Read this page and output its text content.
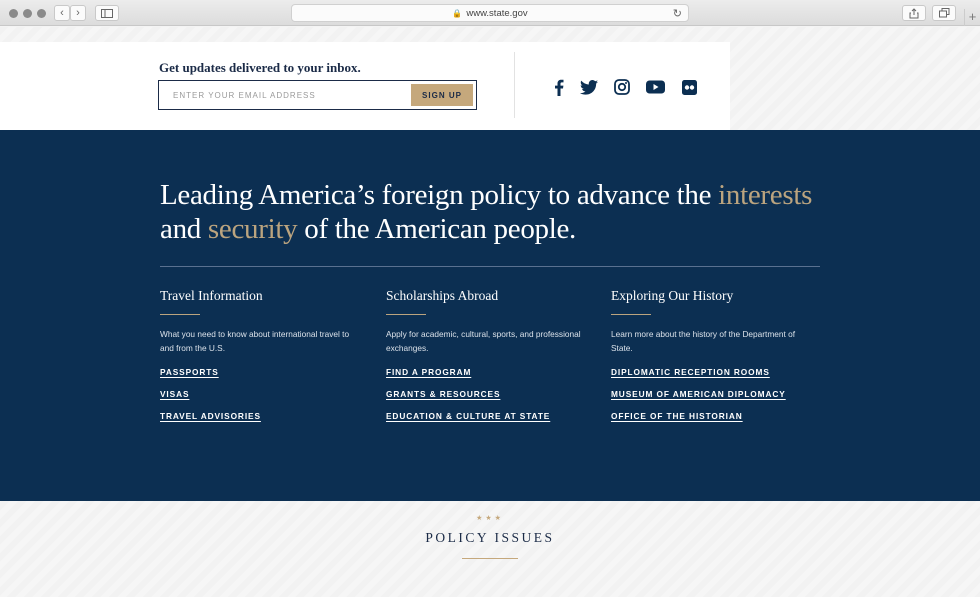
‹ ›	🔒 www.state.gov	↻	+
Get updates delivered to your inbox.
ENTER YOUR EMAIL ADDRESS
SIGN UP
Leading America’s foreign policy to advance the interests and security of the American people.
Travel Information
What you need to know about international travel to and from the U.S.
PASSPORTS
VISAS
TRAVEL ADVISORIES
Scholarships Abroad
Apply for academic, cultural, sports, and professional exchanges.
FIND A PROGRAM
GRANTS & RESOURCES
EDUCATION & CULTURE AT STATE
Exploring Our History
Learn more about the history of the Department of State.
DIPLOMATIC RECEPTION ROOMS
MUSEUM OF AMERICAN DIPLOMACY
OFFICE OF THE HISTORIAN
★★★
POLICY ISSUES
